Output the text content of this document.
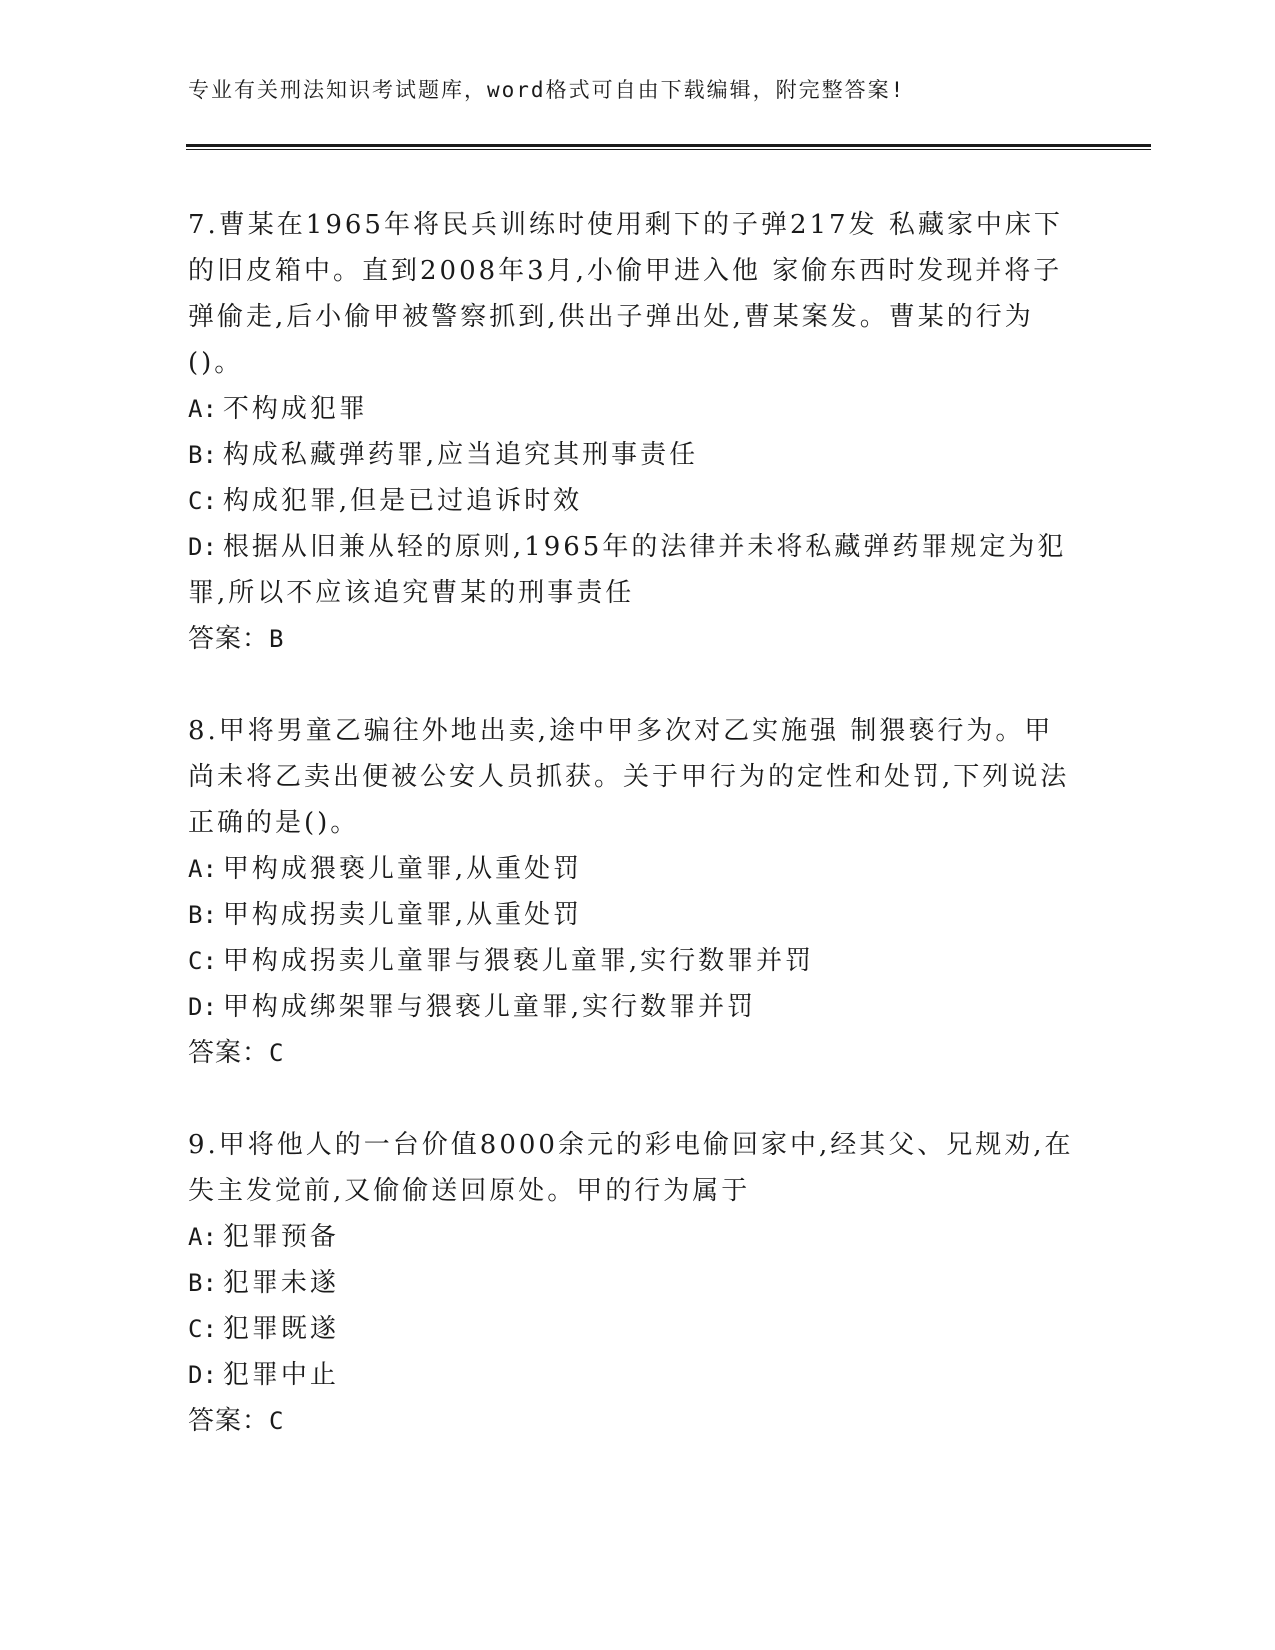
专业有关刑法知识考试题库，word格式可自由下载编辑，附完整答案!

7.曹某在1965年将民兵训练时使用剩下的子弹217发 私藏家中床下的旧皮箱中。直到2008年3月,小偷甲进入他 家偷东西时发现并将子弹偷走,后小偷甲被警察抓到,供出子弹出处,曹某案发。曹某的行为()。

A: 不构成犯罪

B: 构成私藏弹药罪,应当追究其刑事责任

C: 构成犯罪,但是已过追诉时效

D: 根据从旧兼从轻的原则,1965年的法律并未将私藏弹药罪规定为犯罪,所以不应该追究曹某的刑事责任

答案：B

8.甲将男童乙骗往外地出卖,途中甲多次对乙实施强 制猥亵行为。甲尚未将乙卖出便被公安人员抓获。关于甲行为的定性和处罚,下列说法正确的是()。

A: 甲构成猥亵儿童罪,从重处罚

B: 甲构成拐卖儿童罪,从重处罚

C: 甲构成拐卖儿童罪与猥亵儿童罪,实行数罪并罚

D: 甲构成绑架罪与猥亵儿童罪,实行数罪并罚

答案：C

9.甲将他人的一台价值8000余元的彩电偷回家中,经其父、兄规劝,在失主发觉前,又偷偷送回原处。甲的行为属于

A: 犯罪预备

B: 犯罪未遂

C: 犯罪既遂

D: 犯罪中止

答案：C
